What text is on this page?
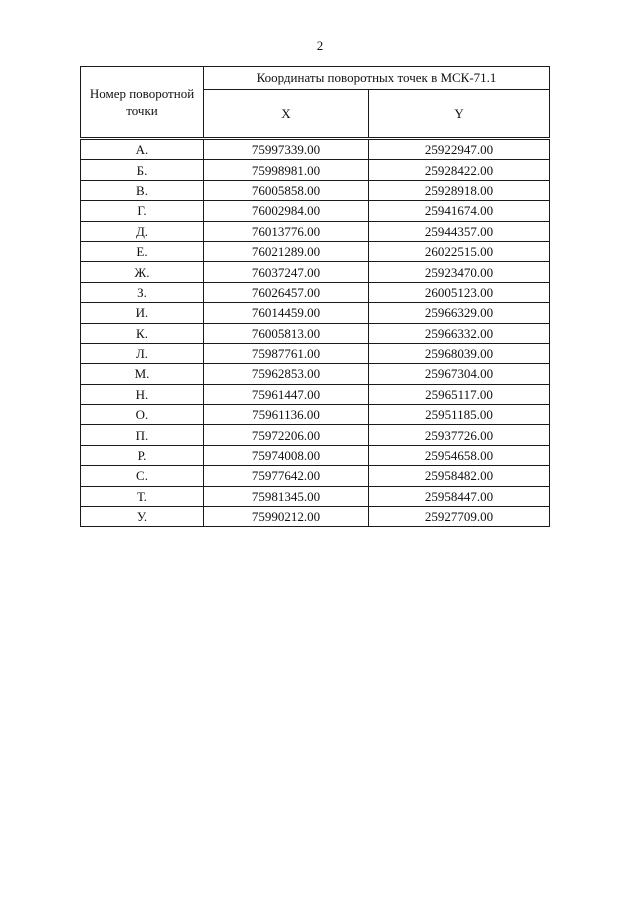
2
Номер поворотной точки	Координаты поворотных точек в МСК-71.1	
	X	Y
А.	75997339.00	25922947.00
Б.	75998981.00	25928422.00
В.	76005858.00	25928918.00
Г.	76002984.00	25941674.00
Д.	76013776.00	25944357.00
Е.	76021289.00	26022515.00
Ж.	76037247.00	25923470.00
З.	76026457.00	26005123.00
И.	76014459.00	25966329.00
К.	76005813.00	25966332.00
Л.	75987761.00	25968039.00
М.	75962853.00	25967304.00
Н.	75961447.00	25965117.00
О.	75961136.00	25951185.00
П.	75972206.00	25937726.00
Р.	75974008.00	25954658.00
С.	75977642.00	25958482.00
Т.	75981345.00	25958447.00
У.	75990212.00	25927709.00
